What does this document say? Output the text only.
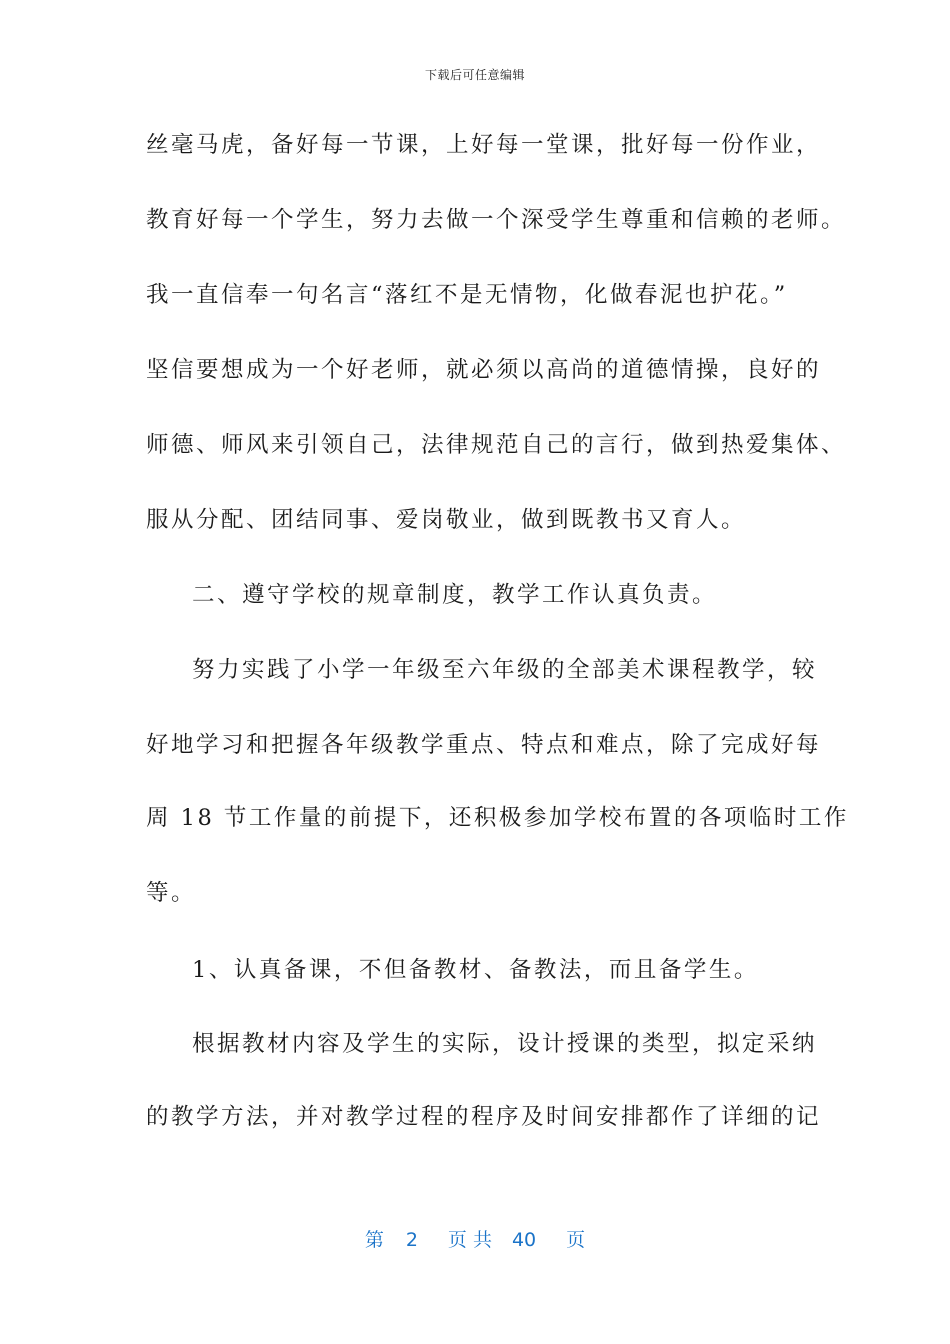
下载后可任意编辑
丝毫马虎，备好每一节课，上好每一堂课，批好每一份作业，
教育好每一个学生，努力去做一个深受学生尊重和信赖的老师。
我一直信奉一句名言“落红不是无情物，化做春泥也护花。”
坚信要想成为一个好老师，就必须以高尚的道德情操，良好的
师德、师风来引领自己，法律规范自己的言行，做到热爱集体、
服从分配、团结同事、爱岗敬业，做到既教书又育人。
二、遵守学校的规章制度，教学工作认真负责。
努力实践了小学一年级至六年级的全部美术课程教学，较
好地学习和把握各年级教学重点、特点和难点，除了完成好每
周 18 节工作量的前提下，还积极参加学校布置的各项临时工作
等。
1、认真备课，不但备教材、备教法，而且备学生。
根据教材内容及学生的实际，设计授课的类型，拟定采纳
的教学方法，并对教学过程的程序及时间安排都作了详细的记
第 2 页 共 40 页
